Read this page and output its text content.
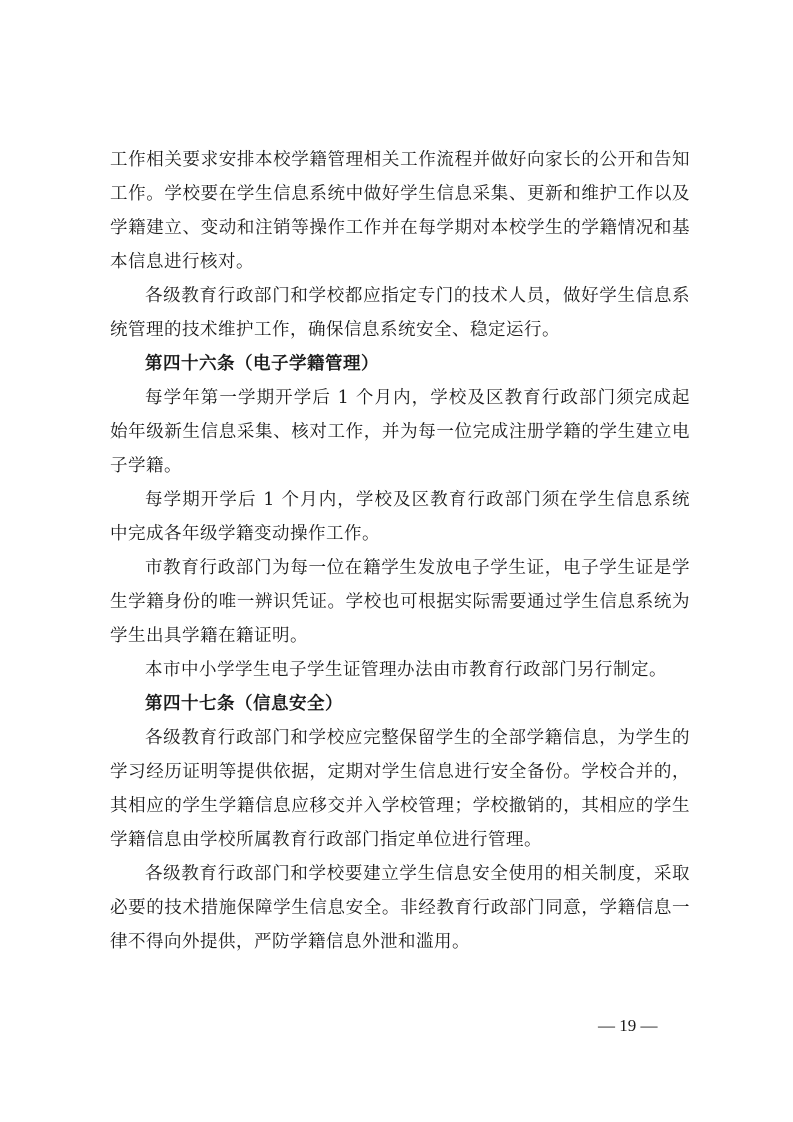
工作相关要求安排本校学籍管理相关工作流程并做好向家长的公开和告知工作。学校要在学生信息系统中做好学生信息采集、更新和维护工作以及学籍建立、变动和注销等操作工作并在每学期对本校学生的学籍情况和基本信息进行核对。

各级教育行政部门和学校都应指定专门的技术人员，做好学生信息系统管理的技术维护工作，确保信息系统安全、稳定运行。

第四十六条（电子学籍管理）

每学年第一学期开学后 1 个月内，学校及区教育行政部门须完成起始年级新生信息采集、核对工作，并为每一位完成注册学籍的学生建立电子学籍。

每学期开学后 1 个月内，学校及区教育行政部门须在学生信息系统中完成各年级学籍变动操作工作。

市教育行政部门为每一位在籍学生发放电子学生证，电子学生证是学生学籍身份的唯一辨识凭证。学校也可根据实际需要通过学生信息系统为学生出具学籍在籍证明。

本市中小学学生电子学生证管理办法由市教育行政部门另行制定。

第四十七条（信息安全）

各级教育行政部门和学校应完整保留学生的全部学籍信息，为学生的学习经历证明等提供依据，定期对学生信息进行安全备份。学校合并的，其相应的学生学籍信息应移交并入学校管理；学校撤销的，其相应的学生学籍信息由学校所属教育行政部门指定单位进行管理。

各级教育行政部门和学校要建立学生信息安全使用的相关制度，采取必要的技术措施保障学生信息安全。非经教育行政部门同意，学籍信息一律不得向外提供，严防学籍信息外泄和滥用。

— 19 —
